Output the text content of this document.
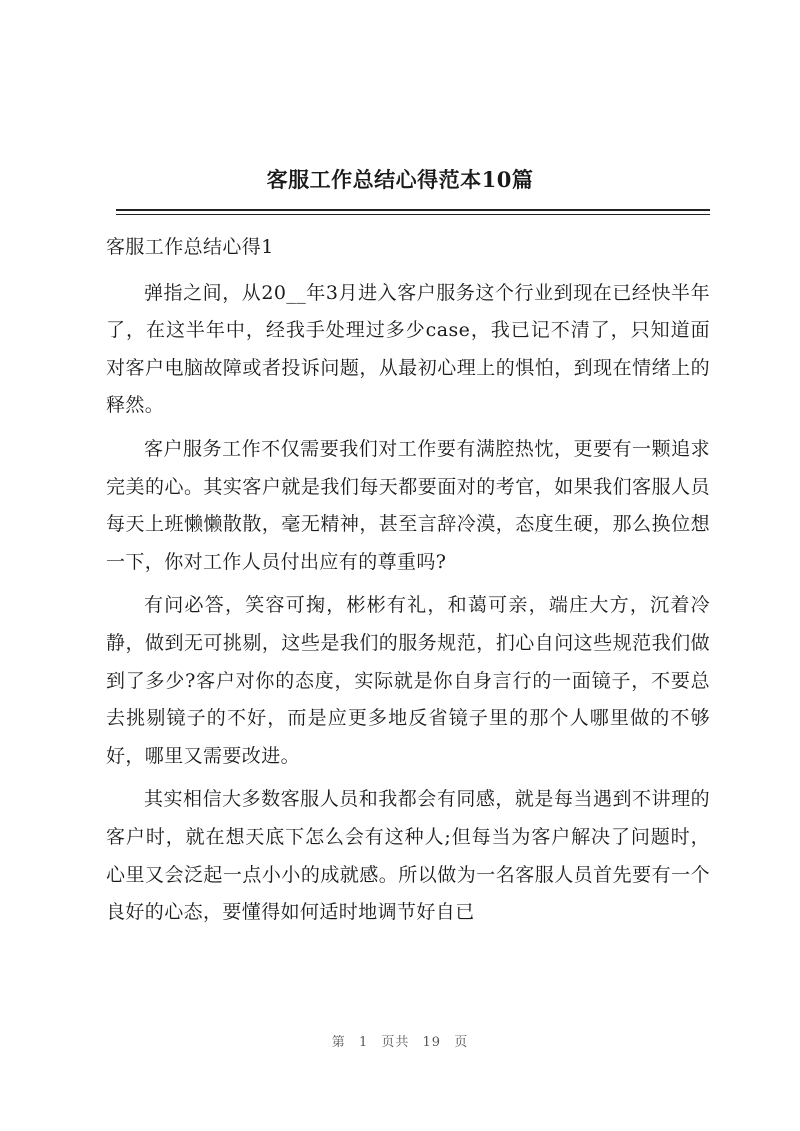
客服工作总结心得范本10篇
客服工作总结心得1

弹指之间，从20__年3月进入客户服务这个行业到现在已经快半年了，在这半年中，经我手处理过多少case，我已记不清了，只知道面对客户电脑故障或者投诉问题，从最初心理上的惧怕，到现在情绪上的释然。

客户服务工作不仅需要我们对工作要有满腔热忱，更要有一颗追求完美的心。其实客户就是我们每天都要面对的考官，如果我们客服人员每天上班懒懒散散，毫无精神，甚至言辞冷漠，态度生硬，那么换位想一下，你对工作人员付出应有的尊重吗?

有问必答，笑容可掬，彬彬有礼，和蔼可亲，端庄大方，沉着冷静，做到无可挑剔，这些是我们的服务规范，扪心自问这些规范我们做到了多少?客户对你的态度，实际就是你自身言行的一面镜子，不要总去挑剔镜子的不好，而是应更多地反省镜子里的那个人哪里做的不够好，哪里又需要改进。

其实相信大多数客服人员和我都会有同感，就是每当遇到不讲理的客户时，就在想天底下怎么会有这种人;但每当为客户解决了问题时，心里又会泛起一点小小的成就感。所以做为一名客服人员首先要有一个良好的心态，要懂得如何适时地调节好自已

第 1 页共 19 页
